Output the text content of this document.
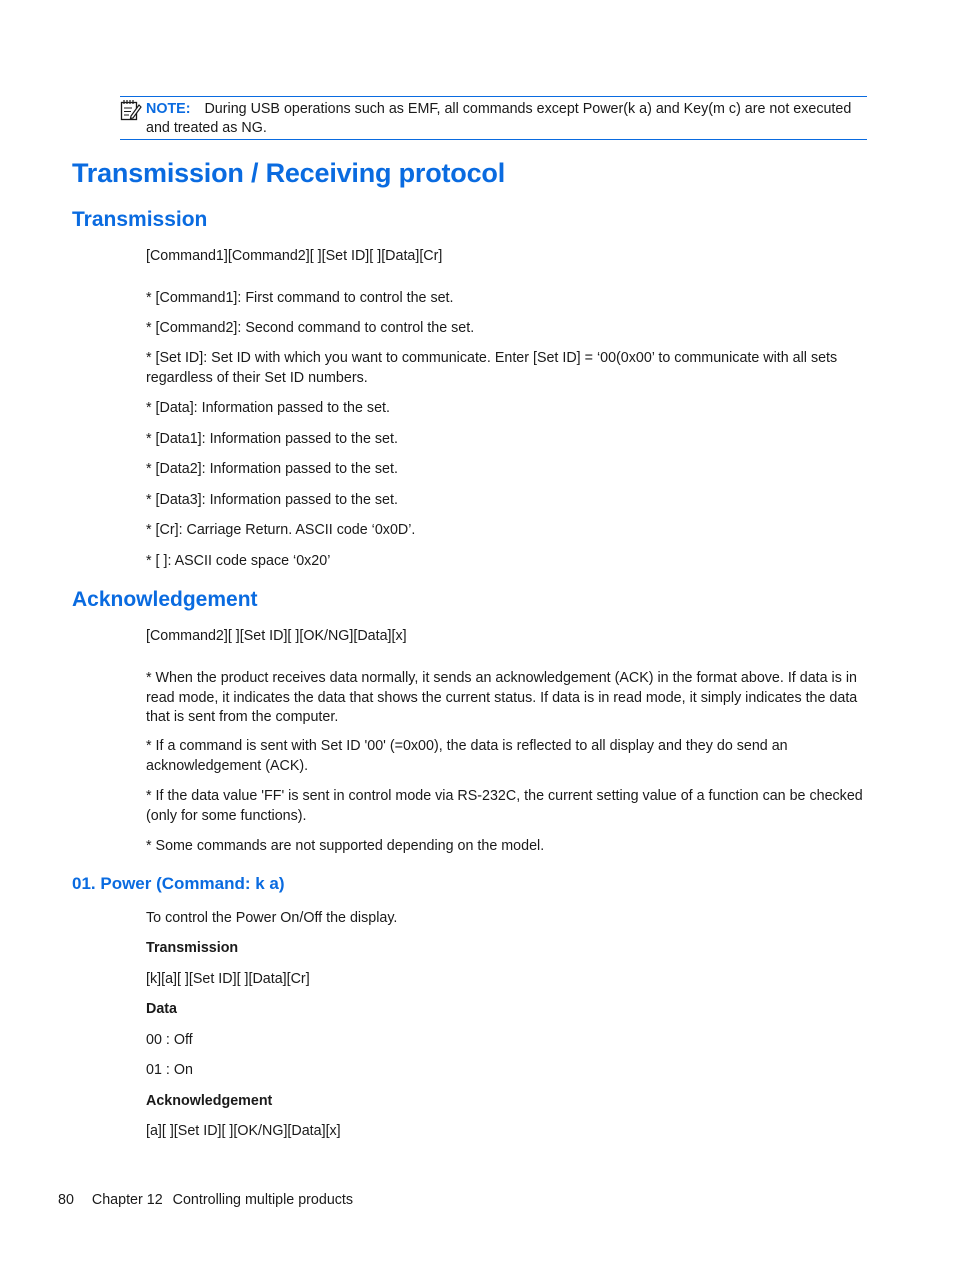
NOTE: During USB operations such as EMF, all commands except Power(k a) and Key(m c) are not executed and treated as NG.
Transmission / Receiving protocol
Transmission

[Command1][Command2][ ][Set ID][ ][Data][Cr]

* [Command1]: First command to control the set.

* [Command2]: Second command to control the set.

* [Set ID]: Set ID with which you want to communicate. Enter [Set ID] = ‘00(0x00’ to communicate with all sets regardless of their Set ID numbers.

* [Data]: Information passed to the set.

* [Data1]: Information passed to the set.

* [Data2]: Information passed to the set.

* [Data3]: Information passed to the set.

* [Cr]: Carriage Return. ASCII code ‘0x0D’.

* [ ]: ASCII code space ‘0x20’

Acknowledgement

[Command2][ ][Set ID][ ][OK/NG][Data][x]

* When the product receives data normally, it sends an acknowledgement (ACK) in the format above. If data is in read mode, it indicates the data that shows the current status. If data is in read mode, it simply indicates the data that is sent from the computer.

* If a command is sent with Set ID '00' (=0x00), the data is reflected to all display and they do send an acknowledgement (ACK).

* If the data value 'FF' is sent in control mode via RS-232C, the current setting value of a function can be checked (only for some functions).

* Some commands are not supported depending on the model.

01. Power (Command: k a)

To control the Power On/Off the display.

Transmission

[k][a][ ][Set ID][ ][Data][Cr]

Data

00 : Off

01 : On

Acknowledgement

[a][ ][Set ID][ ][OK/NG][Data][x]

80 Chapter 12 Controlling multiple products
